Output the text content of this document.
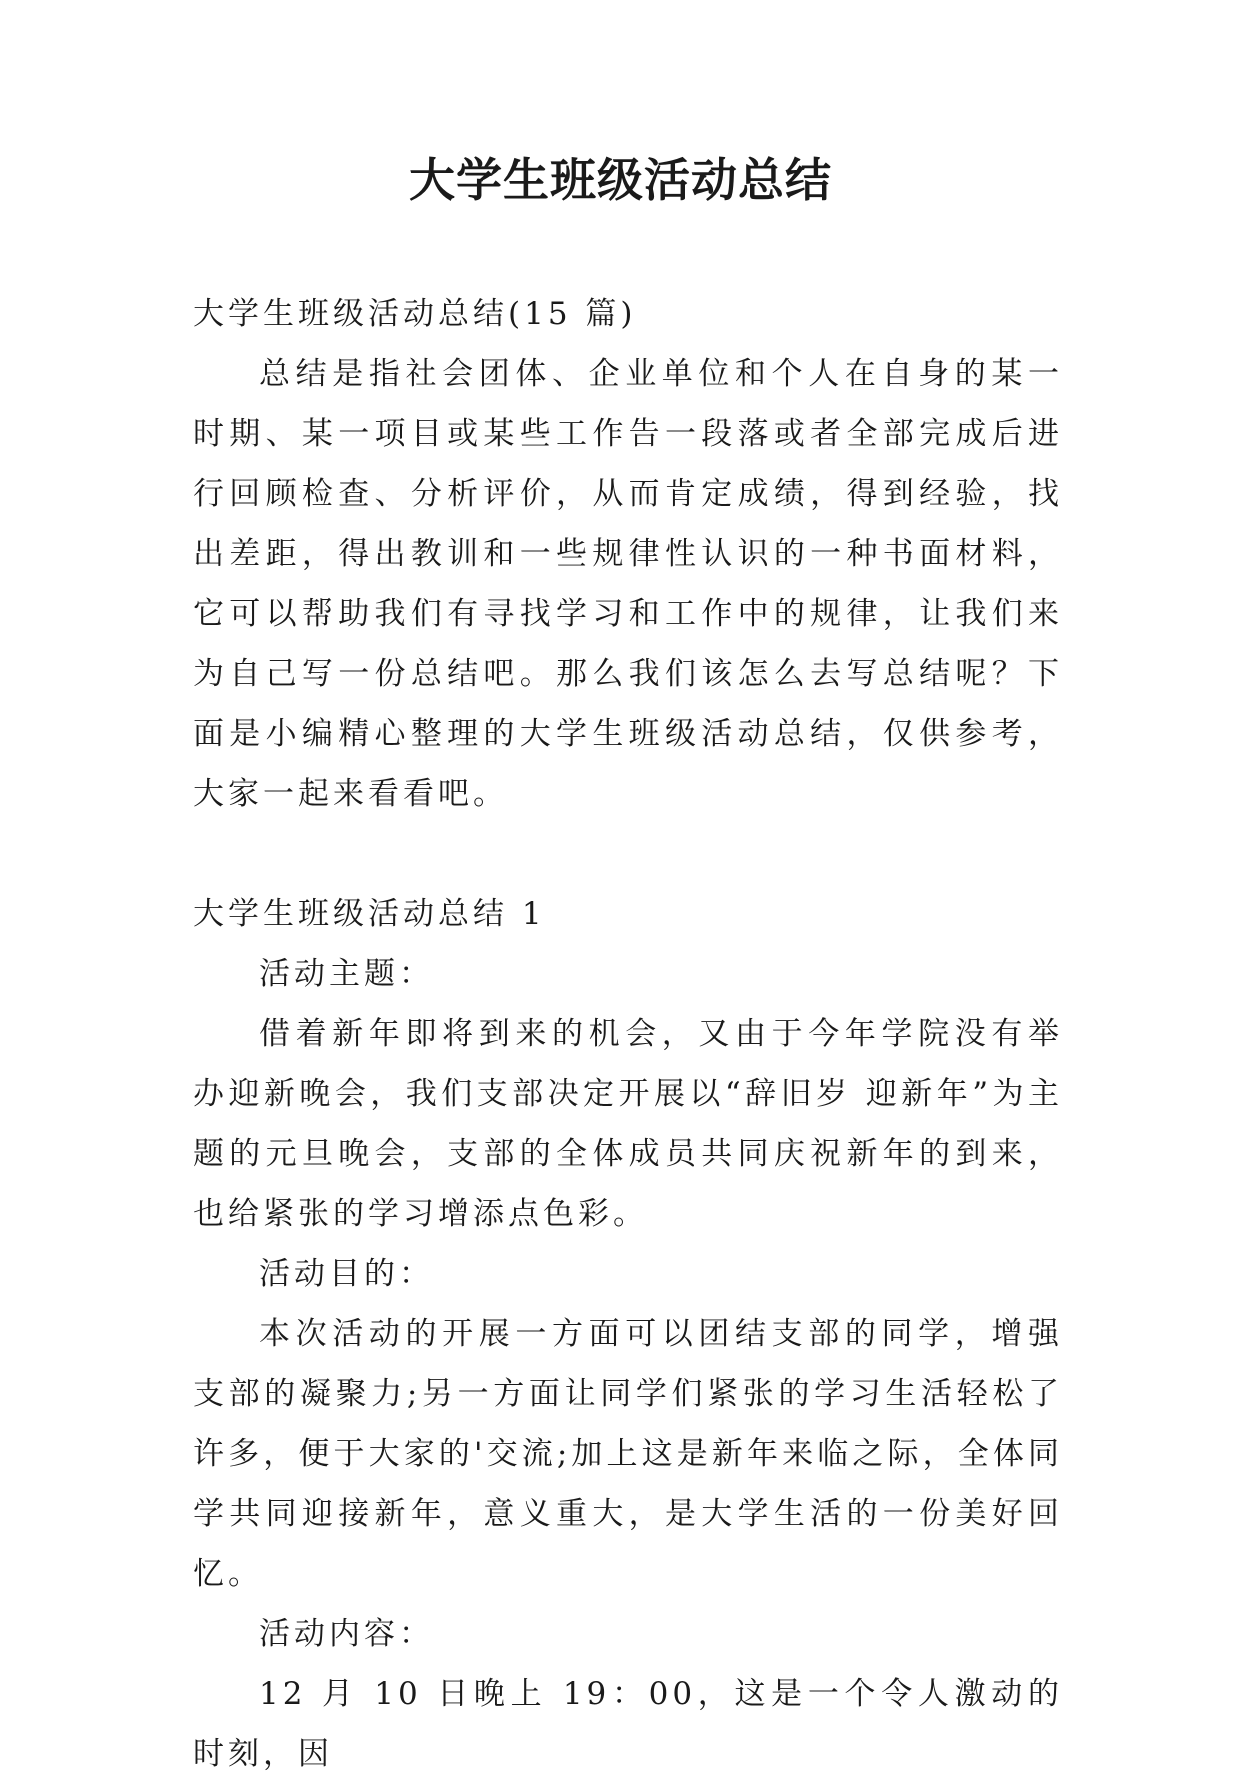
大学生班级活动总结

大学生班级活动总结(15 篇)

总结是指社会团体、企业单位和个人在自身的某一时期、某一项目或某些工作告一段落或者全部完成后进行回顾检查、分析评价，从而肯定成绩，得到经验，找出差距，得出教训和一些规律性认识的一种书面材料，它可以帮助我们有寻找学习和工作中的规律，让我们来为自己写一份总结吧。那么我们该怎么去写总结呢？下面是小编精心整理的大学生班级活动总结，仅供参考，大家一起来看看吧。

大学生班级活动总结 1

活动主题：

借着新年即将到来的机会，又由于今年学院没有举办迎新晚会，我们支部决定开展以“辞旧岁 迎新年”为主题的元旦晚会，支部的全体成员共同庆祝新年的到来，也给紧张的学习增添点色彩。

活动目的：

本次活动的开展一方面可以团结支部的同学，增强支部的凝聚力;另一方面让同学们紧张的学习生活轻松了许多，便于大家的'交流;加上这是新年来临之际，全体同学共同迎接新年，意义重大，是大学生活的一份美好回忆。

活动内容：

12 月 10 日晚上 19：00，这是一个令人激动的时刻，因
